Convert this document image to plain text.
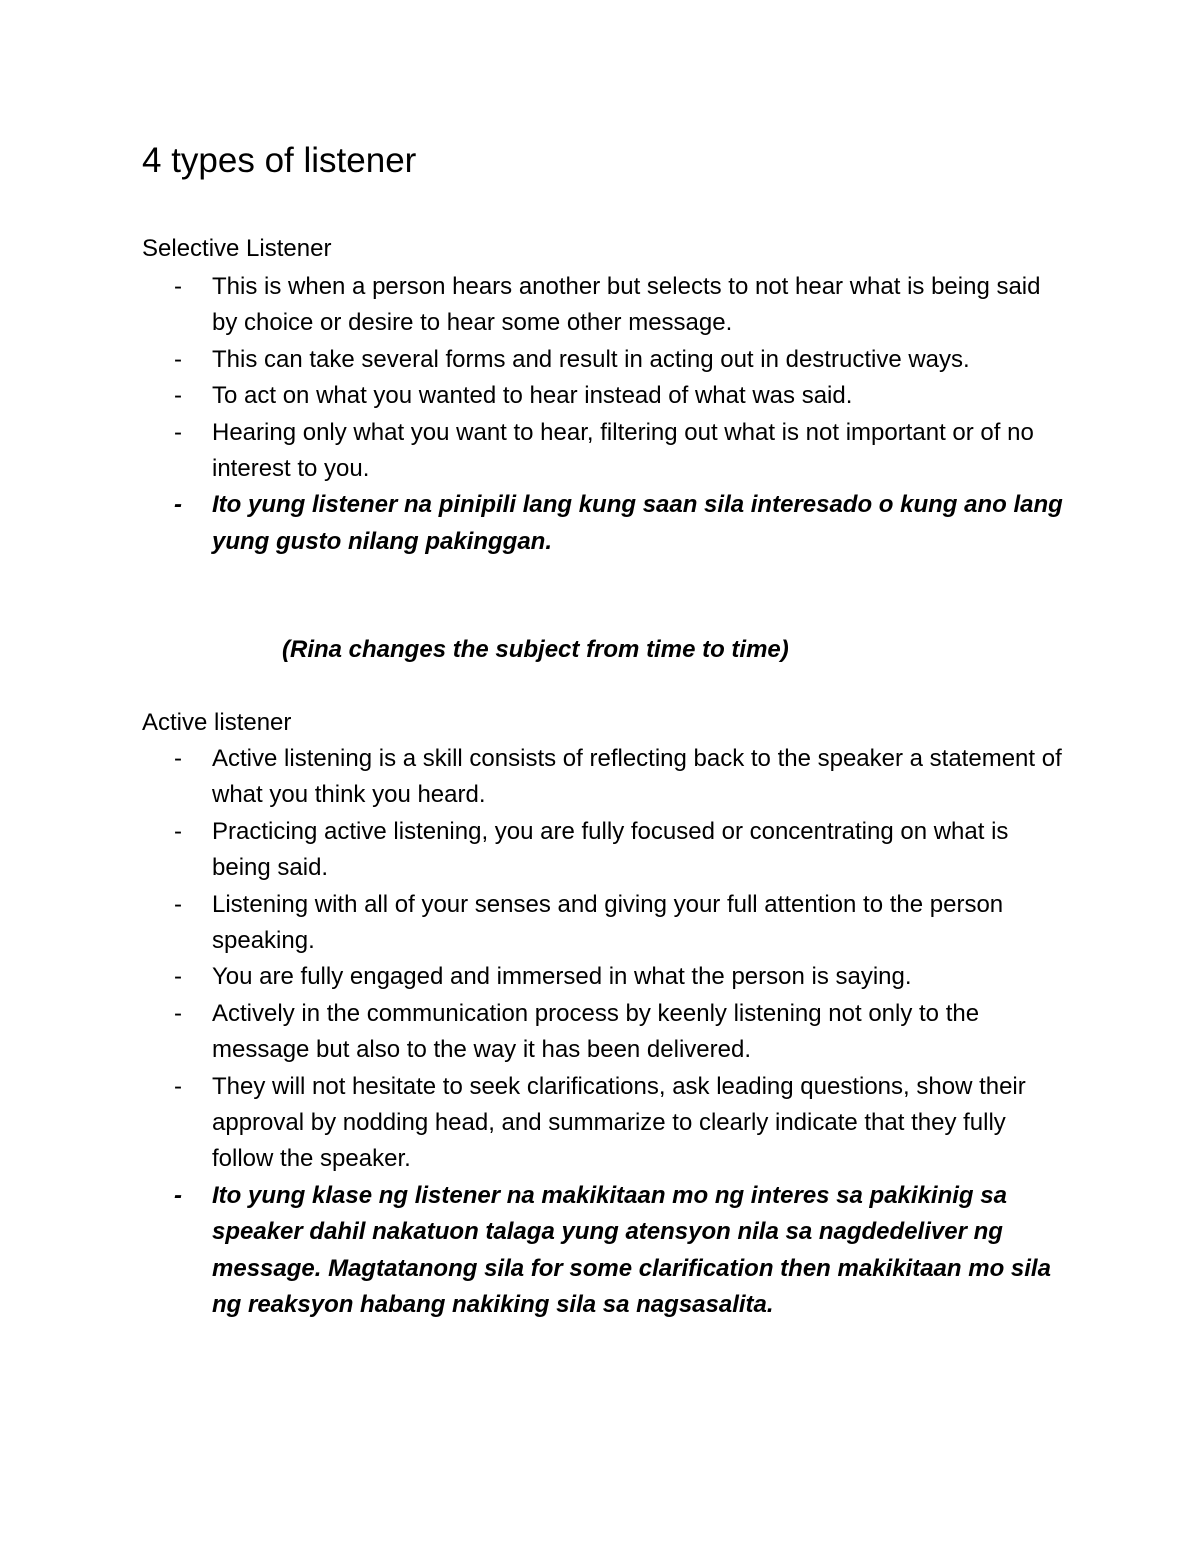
4 types of listener
Selective Listener
- This is when a person hears another but selects to not hear what is being said by choice or desire to hear some other message.
- This can take several forms and result in acting out in destructive ways.
- To act on what you wanted to hear instead of what was said.
- Hearing only what you want to hear, filtering out what is not important or of no interest to you.
- Ito yung listener na pinipili lang kung saan sila interesado o kung ano lang yung gusto nilang pakinggan.
(Rina changes the subject from time to time)
Active listener
- Active listening is a skill consists of reflecting back to the speaker a statement of what you think you heard.
- Practicing active listening, you are fully focused or concentrating on what is being said.
- Listening with all of your senses and giving your full attention to the person speaking.
- You are fully engaged and immersed in what the person is saying.
- Actively in the communication process by keenly listening not only to the message but also to the way it has been delivered.
- They will not hesitate to seek clarifications, ask leading questions, show their approval by nodding head, and summarize to clearly indicate that they fully follow the speaker.
- Ito yung klase ng listener na makikitaan mo ng interes sa pakikinig sa speaker dahil nakatuon talaga yung atensyon nila sa nagdedeliver ng message. Magtatanong sila for some clarification then makikitaan mo sila ng reaksyon habang nakiking sila sa nagsasalita.
